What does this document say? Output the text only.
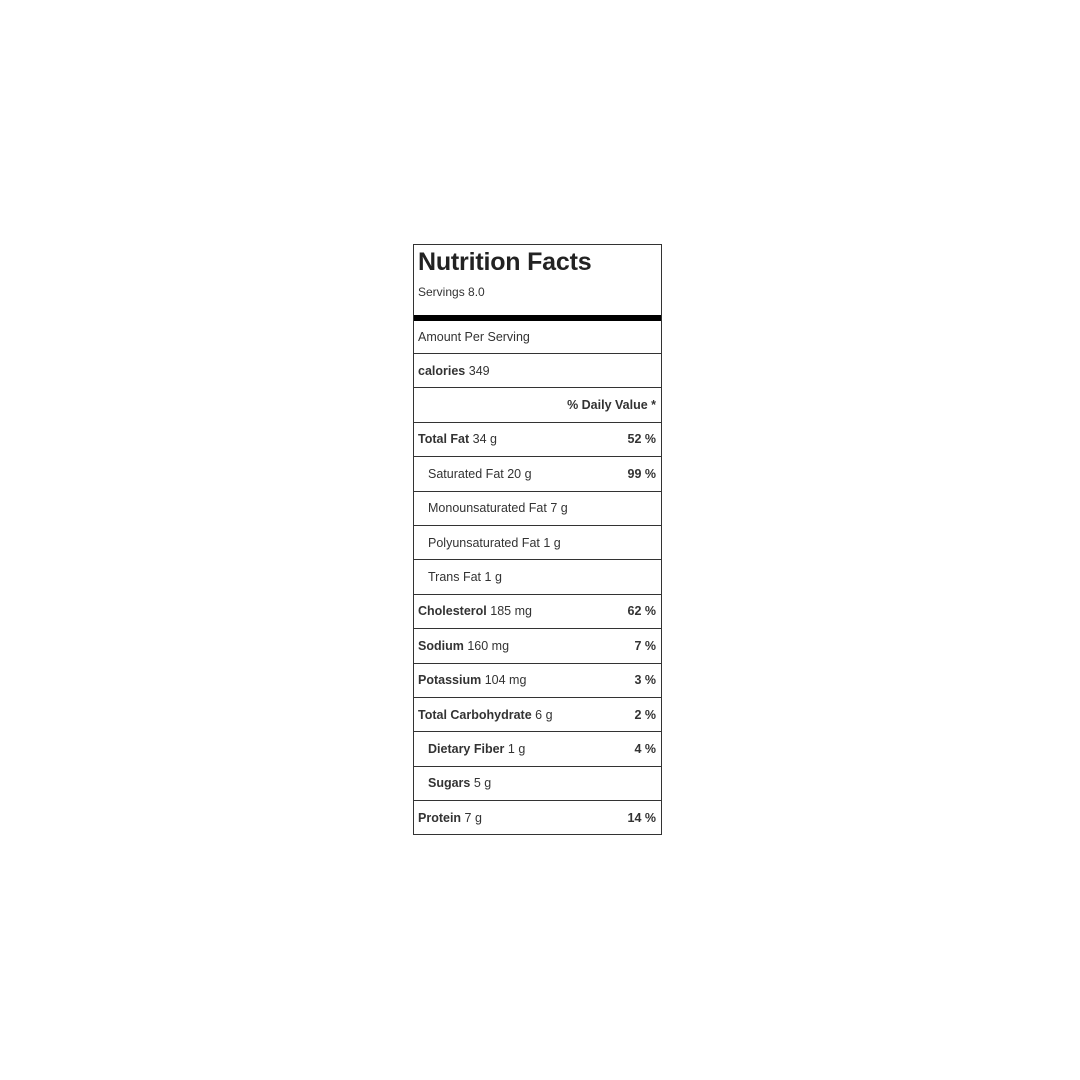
Nutrition Facts
Servings 8.0
Amount Per Serving
calories 349
% Daily Value *
Total Fat 34 g	52 %
Saturated Fat 20 g	99 %
Monounsaturated Fat 7 g
Polyunsaturated Fat 1 g
Trans Fat 1 g
Cholesterol 185 mg	62 %
Sodium 160 mg	7 %
Potassium 104 mg	3 %
Total Carbohydrate 6 g	2 %
Dietary Fiber 1 g	4 %
Sugars 5 g
Protein 7 g	14 %
